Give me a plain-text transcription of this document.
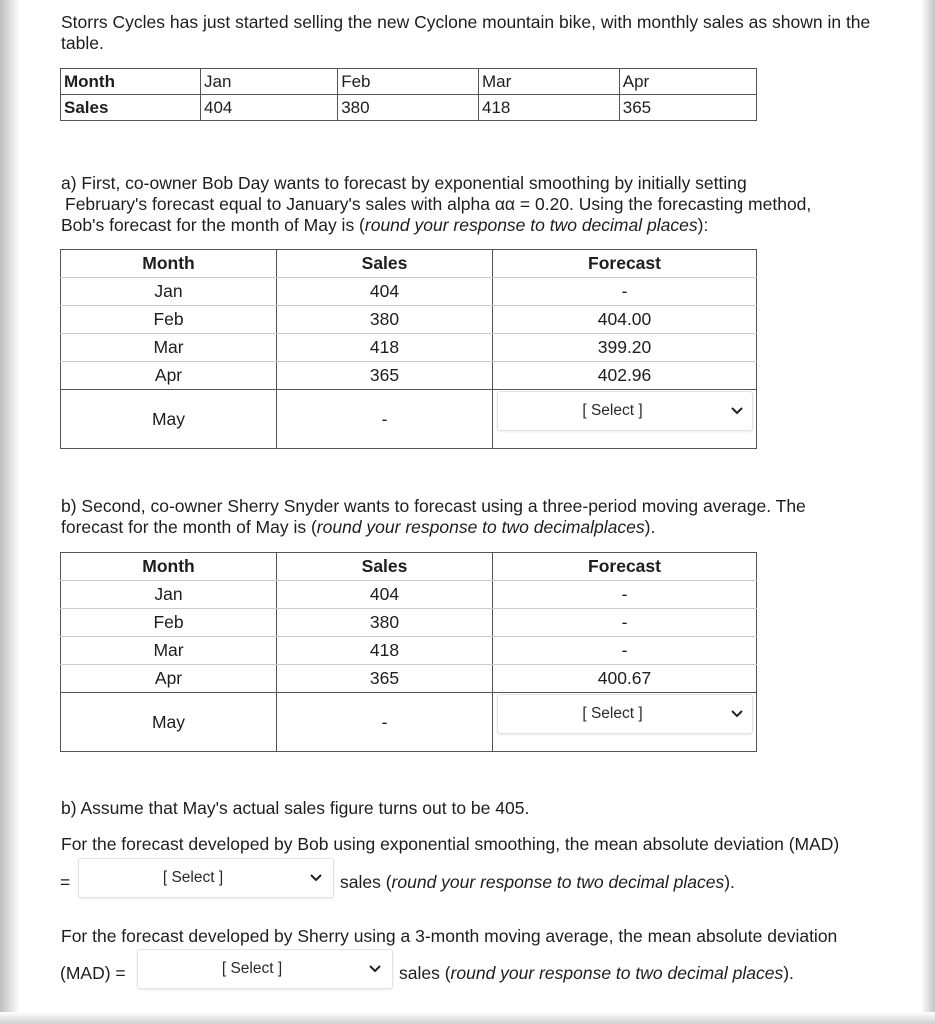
Storrs Cycles has just started selling the new Cyclone mountain bike, with monthly sales as shown in the table.
Month	Jan	Feb	Mar	Apr
Sales	404	380	418	365
a) First, co-owner Bob Day wants to forecast by exponential smoothing by initially setting
February's forecast equal to January's sales with alpha αα = 0.20. Using the forecasting method,
Bob's forecast for the month of May is (round your response to two decimal places):
Month	Sales	Forecast
Jan	404	-
Feb	380	404.00
Mar	418	399.20
Apr	365	402.96
May	-	[ Select ]
b) Second, co-owner Sherry Snyder wants to forecast using a three-period moving average. The
forecast for the month of May is (round your response to two decimalplaces).
Month	Sales	Forecast
Jan	404	-
Feb	380	-
Mar	418	-
Apr	365	400.67
May	-	[ Select ]
b) Assume that May's actual sales figure turns out to be 405.
For the forecast developed by Bob using exponential smoothing, the mean absolute deviation (MAD)
=	[ Select ]	sales (round your response to two decimal places).
For the forecast developed by Sherry using a 3-month moving average, the mean absolute deviation
(MAD) =	[ Select ]	sales (round your response to two decimal places).
